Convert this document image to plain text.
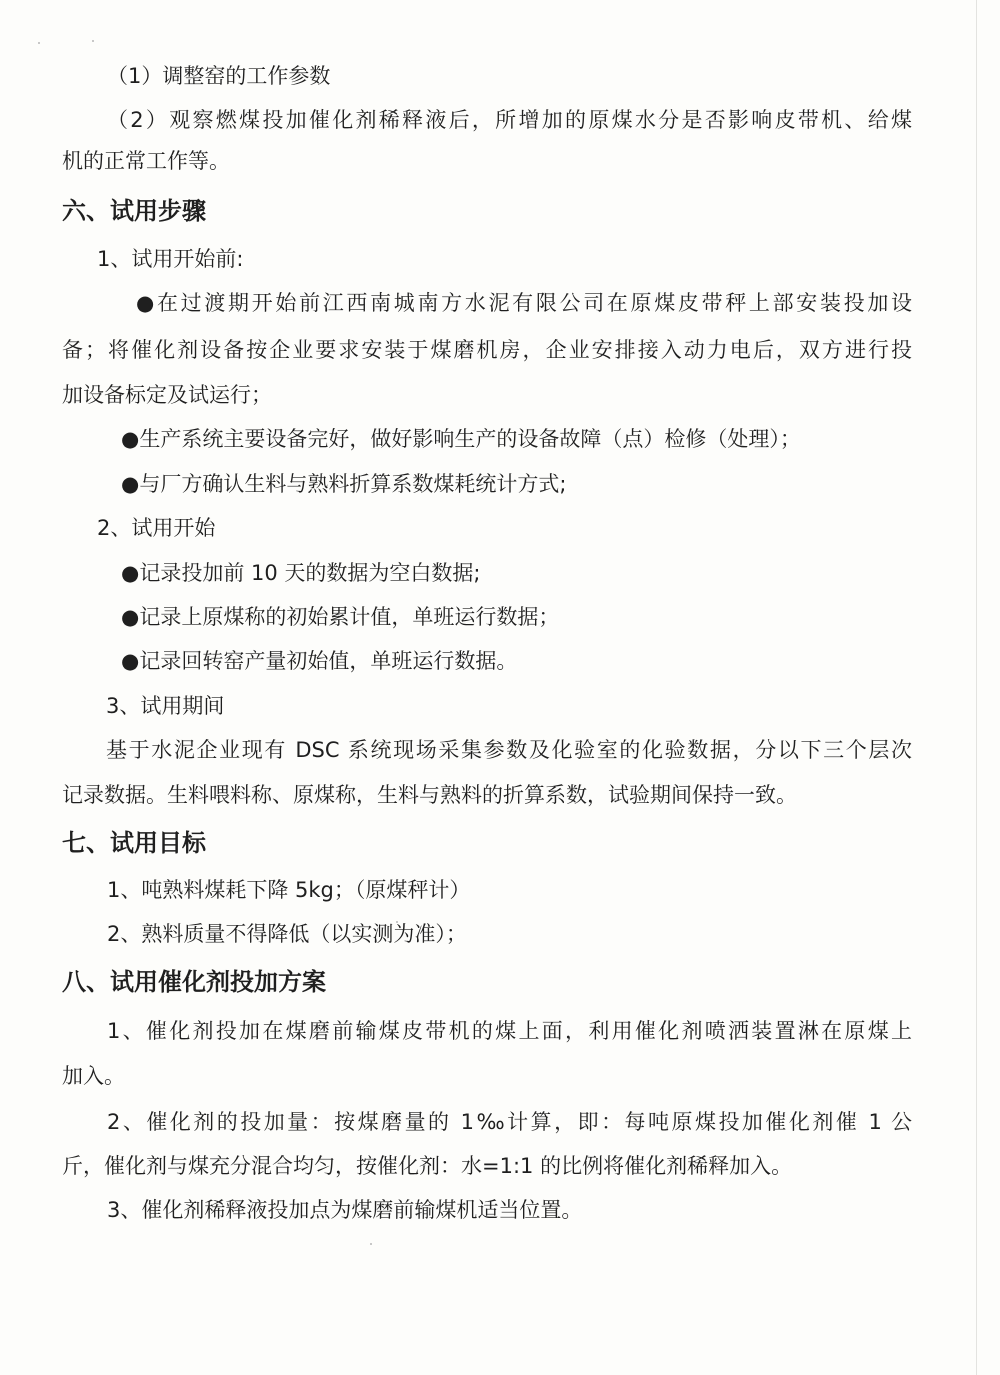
（1）调整窑的工作参数
（2）观察燃煤投加催化剂稀释液后，所增加的原煤水分是否影响皮带机、给煤
机的正常工作等。
六、试用步骤
1、试用开始前:
●在过渡期开始前江西南城南方水泥有限公司在原煤皮带秤上部安装投加设
备；将催化剂设备按企业要求安装于煤磨机房，企业安排接入动力电后，双方进行投
加设备标定及试运行；
●生产系统主要设备完好，做好影响生产的设备故障（点）检修（处理）；
●与厂方确认生料与熟料折算系数煤耗统计方式;
2、试用开始
●记录投加前 10 天的数据为空白数据;
●记录上原煤称的初始累计值，单班运行数据；
●记录回转窑产量初始值，单班运行数据。
3、试用期间
基于水泥企业现有 DSC 系统现场采集参数及化验室的化验数据，分以下三个层次
记录数据。生料喂料称、原煤称，生料与熟料的折算系数，试验期间保持一致。
七、试用目标
1、吨熟料煤耗下降 5kg；（原煤秤计）
2、熟料质量不得降低（以实测为准）；
八、试用催化剂投加方案
1、催化剂投加在煤磨前输煤皮带机的煤上面，利用催化剂喷洒装置淋在原煤上
加入。
2、催化剂的投加量：按煤磨量的 1‰计算，即：每吨原煤投加催化剂催 1 公
斤，催化剂与煤充分混合均匀，按催化剂：水=1:1 的比例将催化剂稀释加入。
3、催化剂稀释液投加点为煤磨前输煤机适当位置。
